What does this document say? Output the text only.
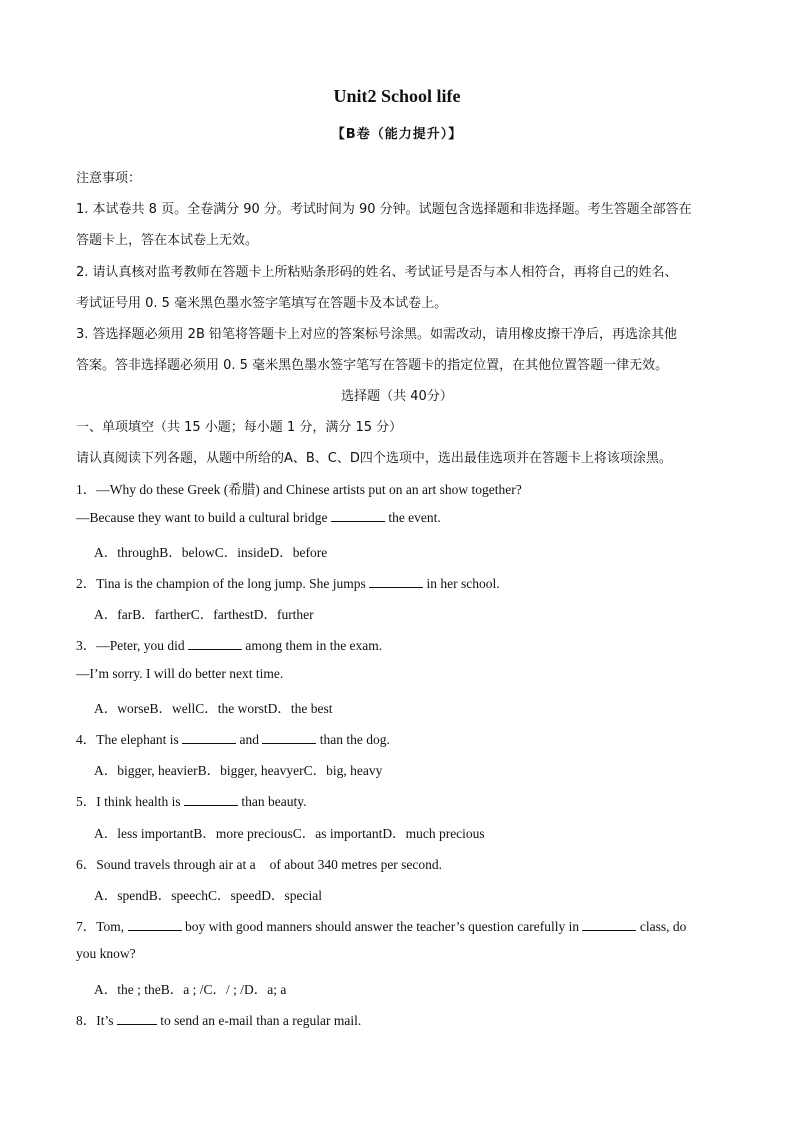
Unit2 School life
【B卷（能力提升）】
注意事项：
1. 本试卷共 8 页。全卷满分 90 分。考试时间为 90 分钟。试题包含选择题和非选择题。考生答题全部答在
答题卡上，答在本试卷上无效。
2. 请认真核对监考教师在答题卡上所粘贴条形码的姓名、考试证号是否与本人相符合，再将自己的姓名、
考试证号用 0. 5 毫米黑色墨水签字笔填写在答题卡及本试卷上。
3. 答选择题必须用 2B 铅笔将答题卡上对应的答案标号涂黑。如需改动，请用橡皮擦干净后，再选涂其他
答案。答非选择题必须用 0. 5 毫米黑色墨水签字笔写在答题卡的指定位置，在其他位置答题一律无效。
选择题（共 40分）
一、单项填空（共 15 小题；每小题 1 分，满分 15 分）
请认真阅读下列各题，从题中所给的A、B、C、D四个选项中，选出最佳选项并在答题卡上将该项涂黑。
1．—Why do these Greek (希腊) and Chinese artists put on an art show together?
—Because they want to build a cultural bridge	the event.
A．throughB．belowC．insideD．before
2．Tina is the champion of the long jump. She jumps	in her school.
A．farB．fartherC．farthestD．further
3．—Peter, you did	among them in the exam.
—I’m sorry. I will do better next time.
A．worseB．wellC．the worstD．the best
4．The elephant is	and	than the dog.
A．bigger, heavierB．bigger, heavyerC．big, heavy
5．I think health is	than beauty.
A．less importantB．more preciousC．as importantD．much precious
6．Sound travels through air at a of about 340 metres per second.
A．spendB．speechC．speedD．special
7．Tom,	boy with good manners should answer the teacher’s question carefully in	class, do
you know?
A．the ; theB．a ; /C．/ ; /D．a; a
8．It’s	to send an e-mail than a regular mail.
